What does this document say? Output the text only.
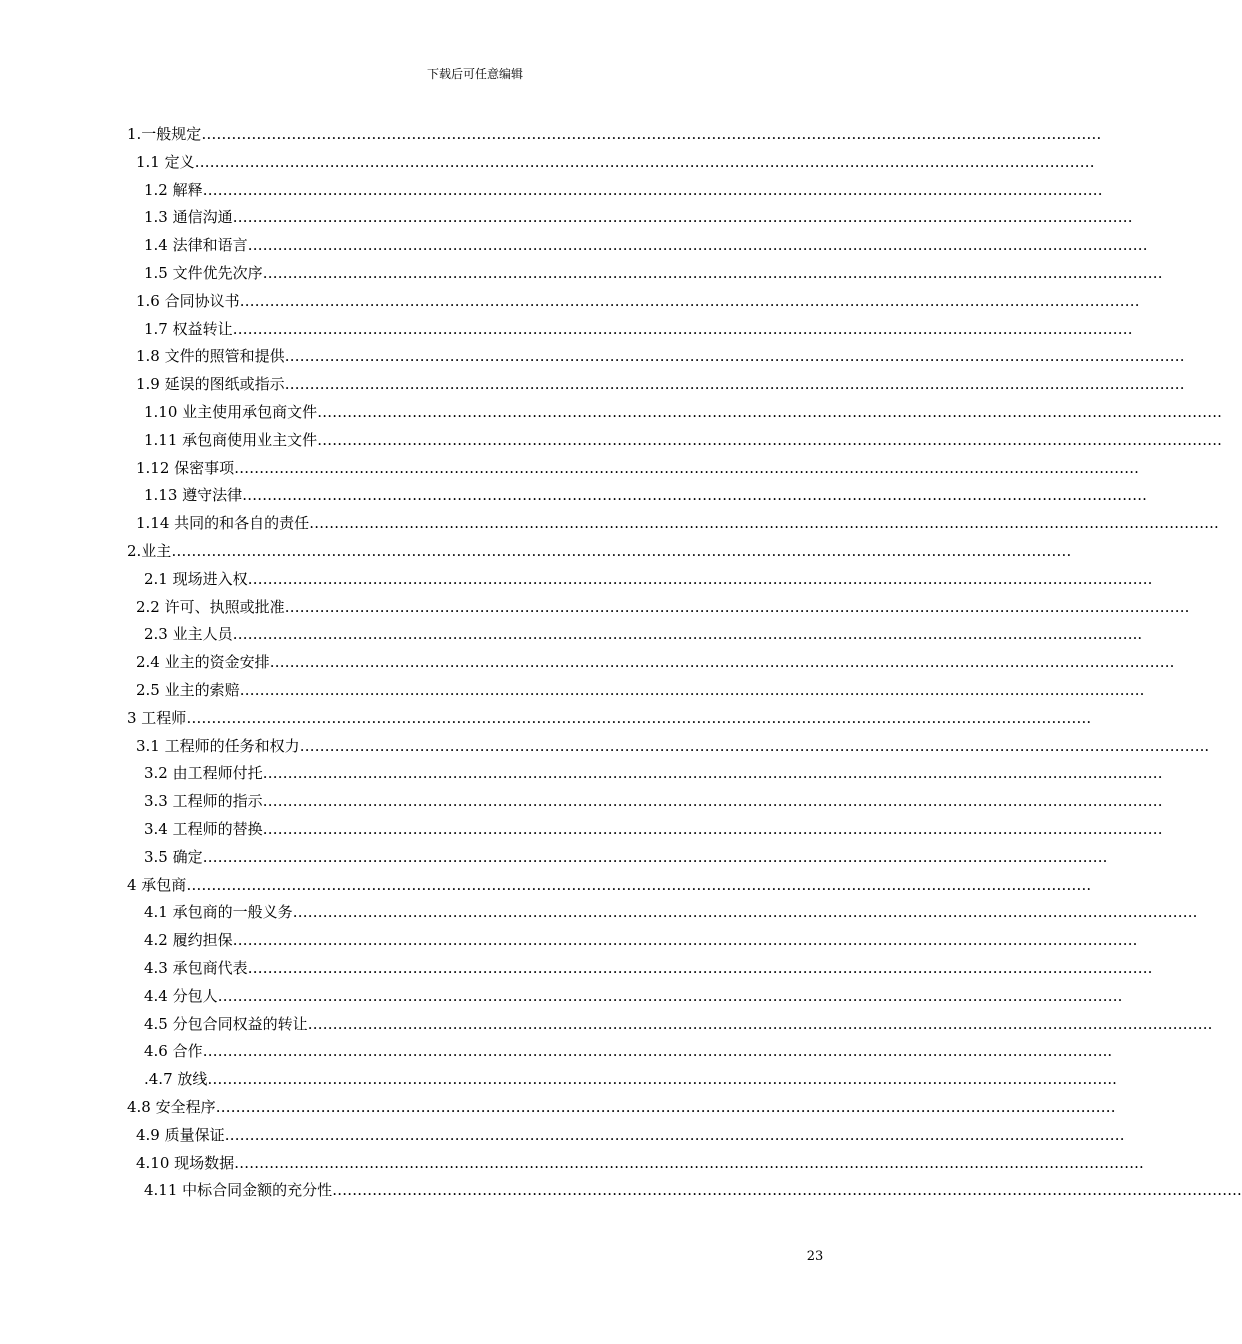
下载后可任意编辑
………………………………………………………………………………………………………………………………………………………………
1.一般规定
………………………………………………………………………………………………………………………………………………………………
1.1 定义
………………………………………………………………………………………………………………………………………………………………
1.2 解释
………………………………………………………………………………………………………………………………………………………………
1.3 通信沟通
………………………………………………………………………………………………………………………………………………………………
1.4 法律和语言
………………………………………………………………………………………………………………………………………………………………
1.5 文件优先次序
………………………………………………………………………………………………………………………………………………………………
1.6 合同协议书
………………………………………………………………………………………………………………………………………………………………
1.7 权益转让
………………………………………………………………………………………………………………………………………………………………
1.8 文件的照管和提供
………………………………………………………………………………………………………………………………………………………………
1.9 延误的图纸或指示
……………………………………………………………………………………………………………………………………………………………….
1.10 业主使用承包商文件
……………………………………………………………………………………………………………………………………………………………….
1.11 承包商使用业主文件
……………………………………………………………………………………………………………………………………………………………….
1.12 保密事项
……………………………………………………………………………………………………………………………………………………………….
1.13 遵守法律
………………………………………………………………………………………………………………………………………………………………..
1.14 共同的和各自的责任
………………………………………………………………………………………………………………………………………………………………
2.业主
……………………………………………………………………………………………………………………………………………………………….
2.1 现场进入权
……………………………………………………………………………………………………………………………………………………………….
2.2 许可、执照或批准
………………………………………………………………………………………………………………………………………………………………..
2.3 业主人员
……………………………………………………………………………………………………………………………………………………………….
2.4 业主的资金安排
……………………………………………………………………………………………………………………………………………………………….
2.5 业主的索赔
……………………………………………………………………………………………………………………………………………………………….
3 工程师
………………………………………………………………………………………………………………………………………………………………..
3.1 工程师的任务和权力
………………………………………………………………………………………………………………………………………………………………
3.2 由工程师付托
………………………………………………………………………………………………………………………………………………………………
3.3 工程师的指示
………………………………………………………………………………………………………………………………………………………………
3.4 工程师的替换
……………………………………………………………………………………………………………………………………………………………….
3.5 确定
……………………………………………………………………………………………………………………………………………………………….
4 承包商
……………………………………………………………………………………………………………………………………………………………….
4.1 承包商的一般义务
……………………………………………………………………………………………………………………………………………………………….
4.2 履约担保
……………………………………………………………………………………………………………………………………………………………….
4.3 承包商代表
……………………………………………………………………………………………………………………………………………………………….
4.4 分包人
……………………………………………………………………………………………………………………………………………………………….
4.5 分包合同权益的转让
………………………………………………………………………………………………………………………………………………………………..
4.6 合作
………………………………………………………………………………………………………………………………………………………………..
.4.7 放线
………………………………………………………………………………………………………………………………………………………………
4.8 安全程序
………………………………………………………………………………………………………………………………………………………………
4.9 质量保证
………………………………………………………………………………………………………………………………………………………………..
4.10 现场数据
………………………………………………………………………………………………………………………………………………………………..
4.11 中标合同金额的充分性
23
